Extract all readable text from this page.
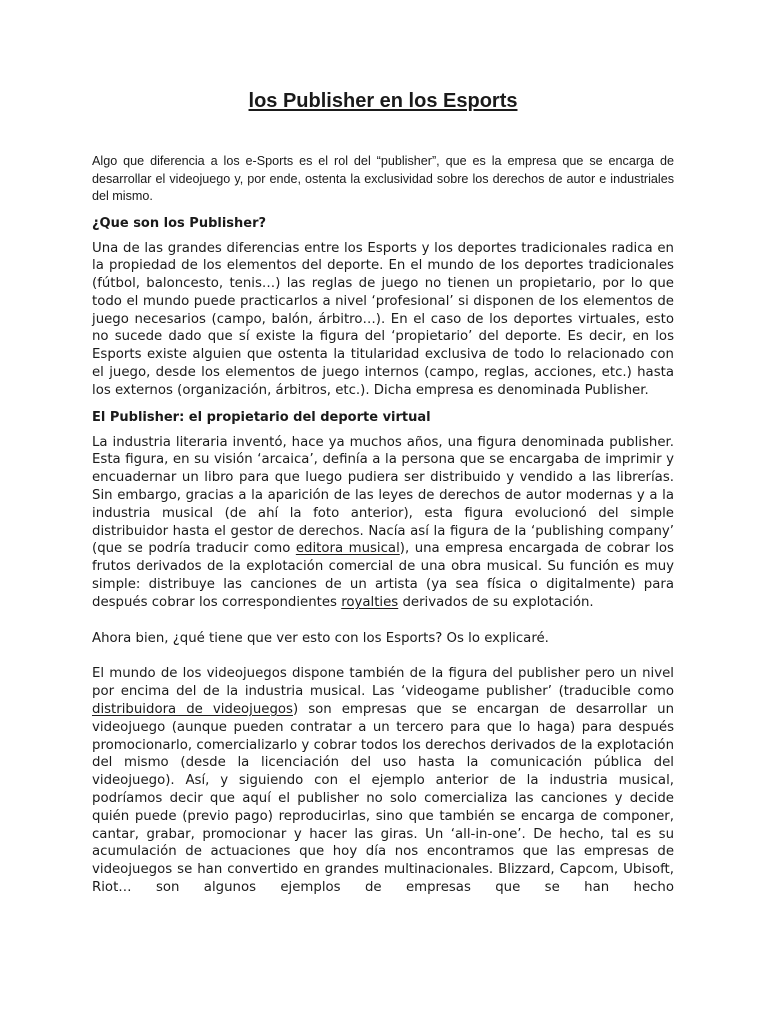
los Publisher en los Esports

Algo que diferencia a los e-Sports es el rol del “publisher”, que es la empresa que se encarga de desarrollar el videojuego y, por ende, ostenta la exclusividad sobre los derechos de autor e industriales del mismo.

¿Que son los Publisher?

Una de las grandes diferencias entre los Esports y los deportes tradicionales radica en la propiedad de los elementos del deporte. En el mundo de los deportes tradicionales (fútbol, baloncesto, tenis…) las reglas de juego no tienen un propietario, por lo que todo el mundo puede practicarlos a nivel ‘profesional’ si disponen de los elementos de juego necesarios (campo, balón, árbitro…). En el caso de los deportes virtuales, esto no sucede dado que sí existe la figura del ‘propietario’ del deporte. Es decir, en los Esports existe alguien que ostenta la titularidad exclusiva de todo lo relacionado con el juego, desde los elementos de juego internos (campo, reglas, acciones, etc.) hasta los externos (organización, árbitros, etc.). Dicha empresa es denominada Publisher.

El Publisher: el propietario del deporte virtual

La industria literaria inventó, hace ya muchos años, una figura denominada publisher. Esta figura, en su visión ‘arcaica’, definía a la persona que se encargaba de imprimir y encuadernar un libro para que luego pudiera ser distribuido y vendido a las librerías. Sin embargo, gracias a la aparición de las leyes de derechos de autor modernas y a la industria musical (de ahí la foto anterior), esta figura evolucionó del simple distribuidor hasta el gestor de derechos. Nacía así la figura de la ‘publishing company’ (que se podría traducir como editora musical), una empresa encargada de cobrar los frutos derivados de la explotación comercial de una obra musical. Su función es muy simple: distribuye las canciones de un artista (ya sea física o digitalmente) para después cobrar los correspondientes royalties derivados de su explotación.

Ahora bien, ¿qué tiene que ver esto con los Esports? Os lo explicaré.

El mundo de los videojuegos dispone también de la figura del publisher pero un nivel por encima del de la industria musical. Las ‘videogame publisher’ (traducible como distribuidora de videojuegos) son empresas que se encargan de desarrollar un videojuego (aunque pueden contratar a un tercero para que lo haga) para después promocionarlo, comercializarlo y cobrar todos los derechos derivados de la explotación del mismo (desde la licenciación del uso hasta la comunicación pública del videojuego). Así, y siguiendo con el ejemplo anterior de la industria musical, podríamos decir que aquí el publisher no solo comercializa las canciones y decide quién puede (previo pago) reproducirlas, sino que también se encarga de componer, cantar, grabar, promocionar y hacer las giras. Un ‘all-in-one’. De hecho, tal es su acumulación de actuaciones que hoy día nos encontramos que las empresas de videojuegos se han convertido en grandes multinacionales. Blizzard, Capcom, Ubisoft, Riot… son algunos ejemplos de empresas que se han hecho
